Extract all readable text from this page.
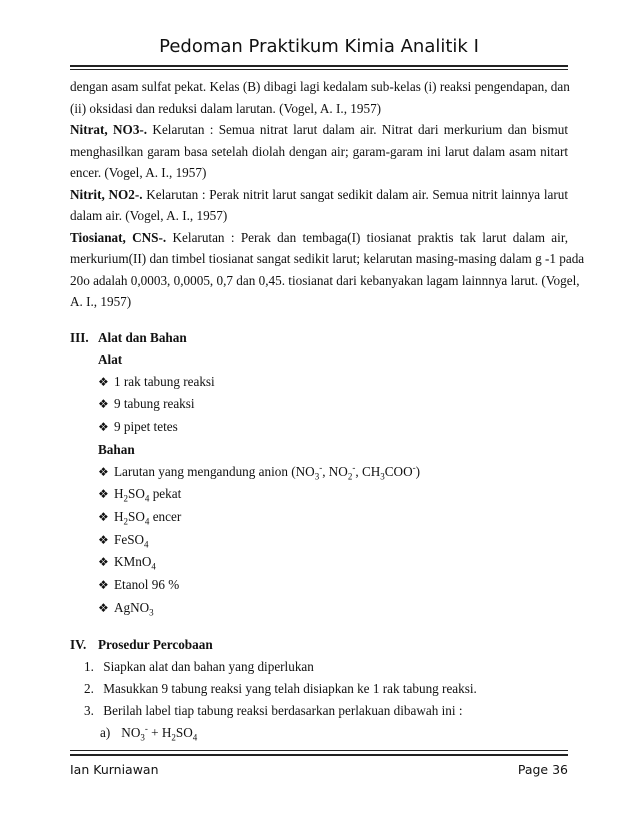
Pedoman Praktikum Kimia Analitik I

dengan asam sulfat pekat. Kelas (B) dibagi lagi kedalam sub-kelas (i) reaksi pengendapan, dan
(ii) oksidasi dan reduksi dalam larutan. (Vogel, A. I., 1957)

Nitrat, NO3-. Kelarutan : Semua nitrat larut dalam air. Nitrat dari merkurium dan bismut
menghasilkan garam basa setelah diolah dengan air; garam-garam ini larut dalam asam nitart
encer. (Vogel, A. I., 1957)

Nitrit, NO2-. Kelarutan : Perak nitrit larut sangat sedikit dalam air. Semua nitrit lainnya larut
dalam air. (Vogel, A. I., 1957)

Tiosianat, CNS-. Kelarutan : Perak dan tembaga(I) tiosianat praktis tak larut dalam air,
merkurium(II) dan timbel tiosianat sangat sedikit larut; kelarutan masing-masing dalam g -1 pada
20o adalah 0,0003, 0,0005, 0,7 dan 0,45. tiosianat dari kebanyakan lagam lainnnya larut. (Vogel,
A. I., 1957)

III. Alat dan Bahan
Alat
❖ 1 rak tabung reaksi
❖ 9 tabung reaksi
❖ 9 pipet tetes
Bahan
❖ Larutan yang mengandung anion ($NO_3^-$, $NO_2^-$, $CH_3COO^-$)
❖ $H_2SO_4$ pekat
❖ $H_2SO_4$ encer
❖ FeSO$_4$
❖ KMnO$_4$
❖ Etanol 96 %
❖ AgNO$_3$
IV. Prosedur Percobaan
1. Siapkan alat dan bahan yang diperlukan
2. Masukkan 9 tabung reaksi yang telah disiapkan ke 1 rak tabung reaksi.
3. Berilah label tiap tabung reaksi berdasarkan perlakuan dibawah ini :
a) $NO_3^- + H_2SO_4$
Ian Kurniawan	Page 36
